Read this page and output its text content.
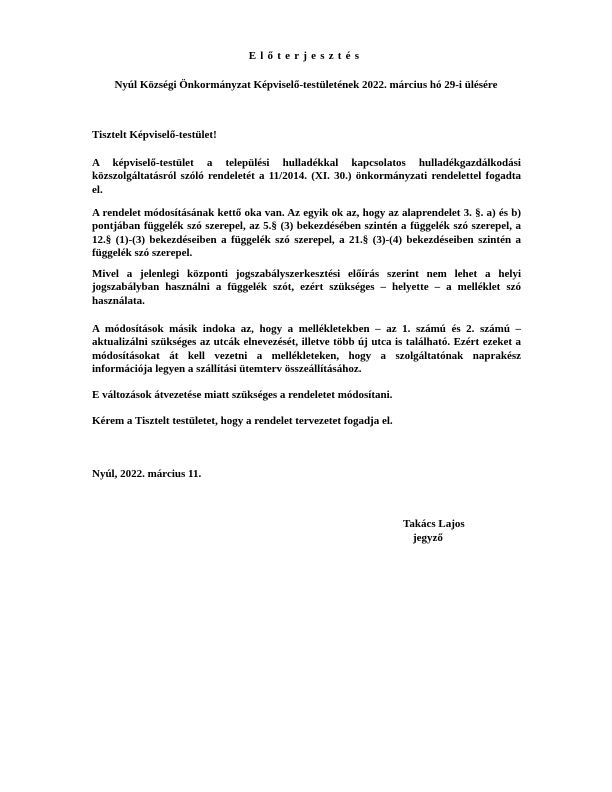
Előterjesztés
Nyúl Községi Önkormányzat Képviselő-testületének 2022. március hó 29-i ülésére
Tisztelt Képviselő-testület!
A képviselő-testület a települési hulladékkal kapcsolatos hulladékgazdálkodási közszolgáltatásról szóló rendeletét a 11/2014. (XI. 30.) önkormányzati rendelettel fogadta el.
A rendelet módosításának kettő oka van. Az egyik ok az, hogy az alaprendelet 3. §. a) és b) pontjában függelék szó szerepel, az 5.§ (3) bekezdésében szintén a függelék szó szerepel, a 12.§ (1)-(3) bekezdéseiben a függelék szó szerepel, a 21.§ (3)-(4) bekezdéseiben szintén a függelék szó szerepel.
Mivel a jelenlegi központi jogszabályszerkesztési előírás szerint nem lehet a helyi jogszabályban használni a függelék szót, ezért szükséges – helyette – a melléklet szó használata.
A módosítások másik indoka az, hogy a mellékletekben – az 1. számú és 2. számú – aktualizálni szükséges az utcák elnevezését, illetve több új utca is található. Ezért ezeket a módosításokat át kell vezetni a mellékleteken, hogy a szolgáltatónak naprakész információja legyen a szállítási ütemterv összeállításához.
E változások átvezetése miatt szükséges a rendeletet módosítani.
Kérem a Tisztelt testületet, hogy a rendelet tervezetet fogadja el.
Nyúl, 2022. március 11.
Takács Lajos
jegyző
